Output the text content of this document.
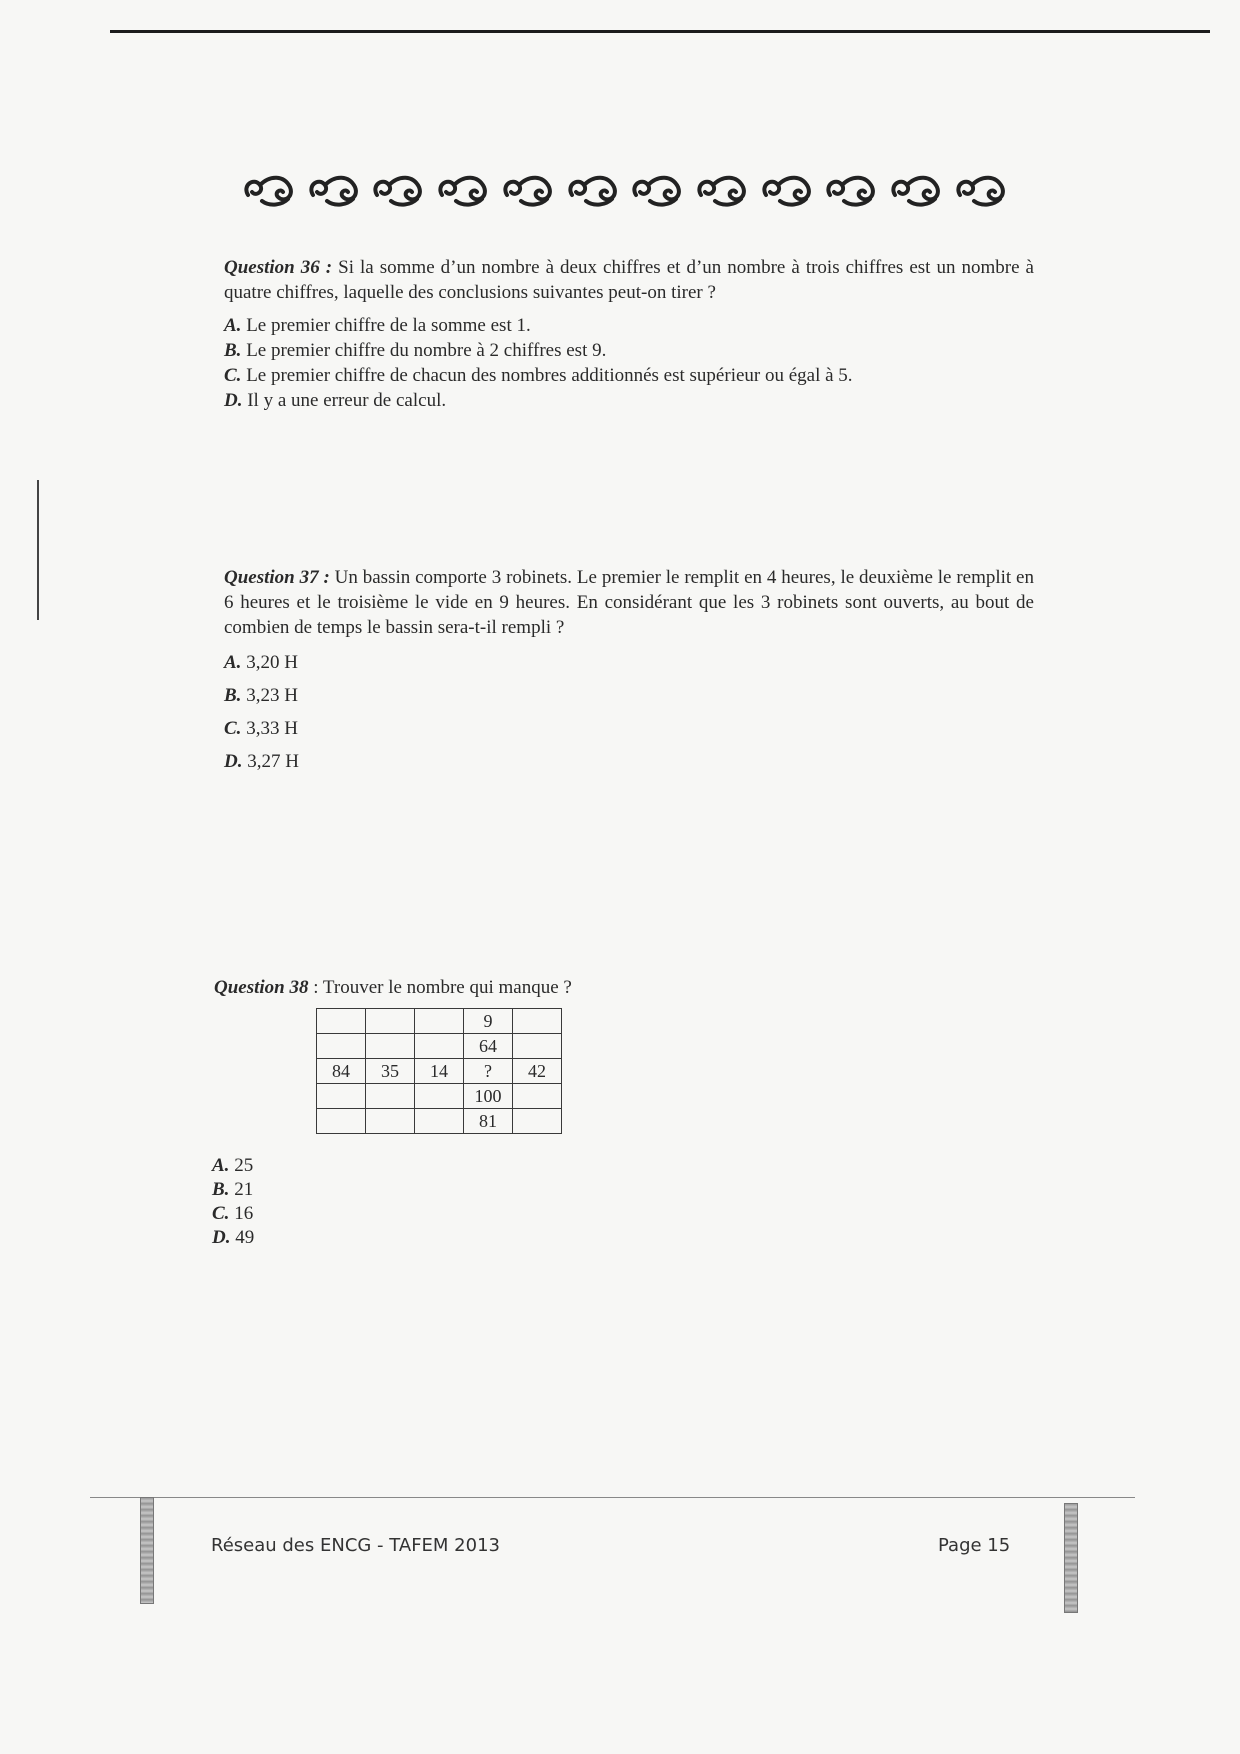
Question 36 : Si la somme d’un nombre à deux chiffres et d’un nombre à trois chiffres est un nombre à quatre chiffres, laquelle des conclusions suivantes peut-on tirer ?
A. Le premier chiffre de la somme est 1.
B. Le premier chiffre du nombre à 2 chiffres est 9.
C. Le premier chiffre de chacun des nombres additionnés est supérieur ou égal à 5.
D. Il y a une erreur de calcul.
Question 37 : Un bassin comporte 3 robinets. Le premier le remplit en 4 heures, le deuxième le remplit en 6 heures et le troisième le vide en 9 heures. En considérant que les 3 robinets sont ouverts, au bout de combien de temps le bassin sera-t-il rempli ?
A. 3,20 H
B. 3,23 H
C. 3,33 H
D. 3,27 H
Question 38 : Trouver le nombre qui manque ?
			9	
			64	
84	35	14	?	42
			100	
			81	
A. 25
B. 21
C. 16
D. 49
Réseau des ENCG - TAFEM 2013	Page 15
